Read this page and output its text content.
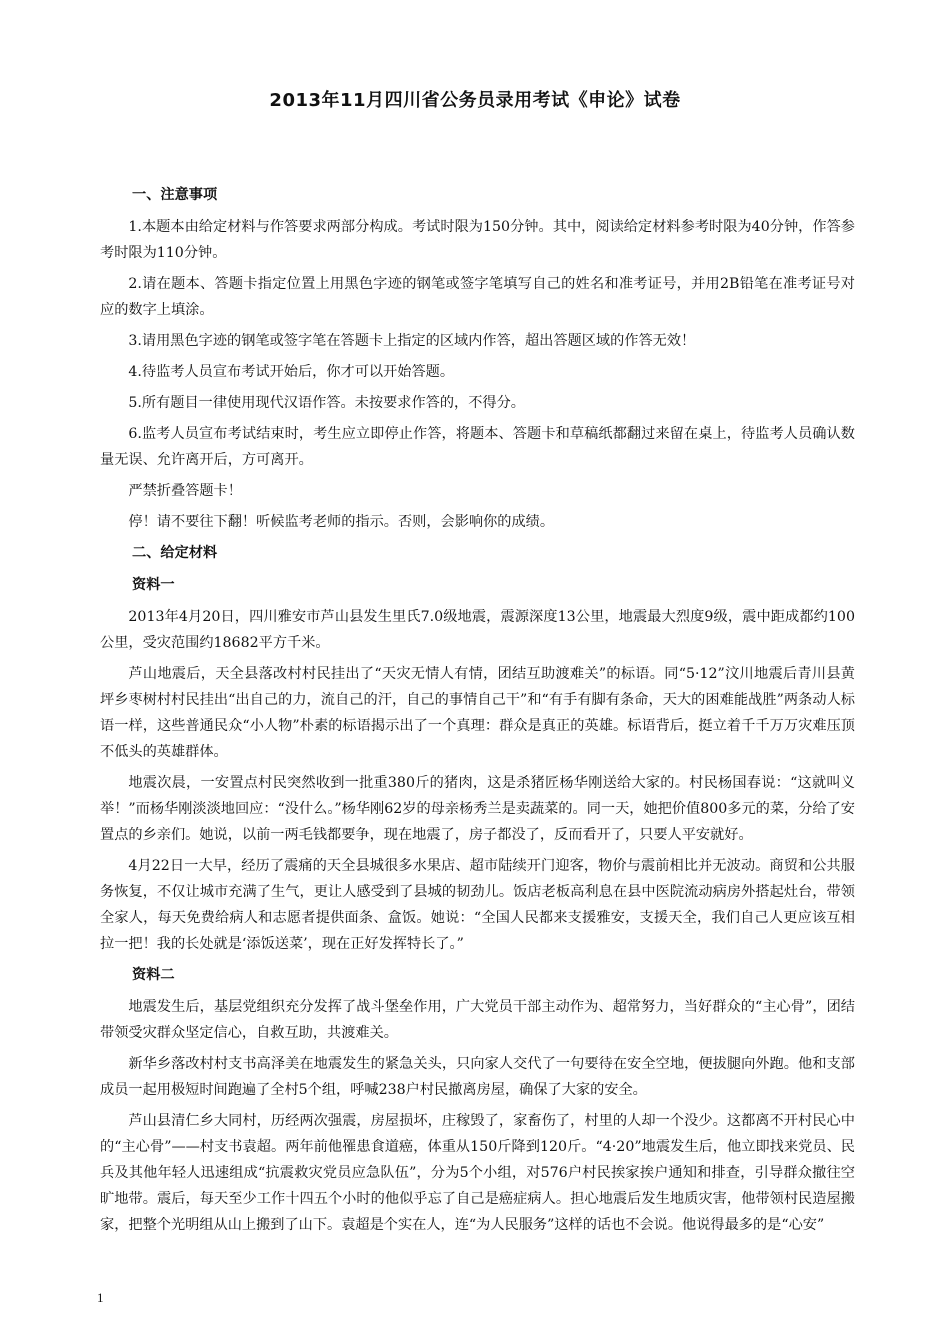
2013年11月四川省公务员录用考试《申论》试卷
一、注意事项

1.本题本由给定材料与作答要求两部分构成。考试时限为150分钟。其中，阅读给定材料参考时限为40分钟，作答参考时限为110分钟。

2.请在题本、答题卡指定位置上用黑色字迹的钢笔或签字笔填写自己的姓名和准考证号，并用2B铅笔在准考证号对应的数字上填涂。

3.请用黑色字迹的钢笔或签字笔在答题卡上指定的区域内作答，超出答题区域的作答无效！

4.待监考人员宣布考试开始后，你才可以开始答题。

5.所有题目一律使用现代汉语作答。未按要求作答的，不得分。

6.监考人员宣布考试结束时，考生应立即停止作答，将题本、答题卡和草稿纸都翻过来留在桌上，待监考人员确认数量无误、允许离开后，方可离开。

严禁折叠答题卡！

停！请不要往下翻！听候监考老师的指示。否则，会影响你的成绩。

二、给定材料
资料一

2013年4月20日，四川雅安市芦山县发生里氏7.0级地震，震源深度13公里，地震最大烈度9级，震中距成都约100公里，受灾范围约18682平方千米。

芦山地震后，天全县落改村村民挂出了“天灾无情人有情，团结互助渡难关”的标语。同“5·12”汶川地震后青川县黄坪乡枣树村村民挂出“出自己的力，流自己的汗，自己的事情自己干”和“有手有脚有条命，天大的困难能战胜”两条动人标语一样，这些普通民众“小人物”朴素的标语揭示出了一个真理：群众是真正的英雄。标语背后，挺立着千千万万灾难压顶不低头的英雄群体。

地震次晨，一安置点村民突然收到一批重380斤的猪肉，这是杀猪匠杨华刚送给大家的。村民杨国春说：“这就叫义举！”而杨华刚淡淡地回应：“没什么。”杨华刚62岁的母亲杨秀兰是卖蔬菜的。同一天，她把价值800多元的菜，分给了安置点的乡亲们。她说，以前一两毛钱都要争，现在地震了，房子都没了，反而看开了，只要人平安就好。

4月22日一大早，经历了震痛的天全县城很多水果店、超市陆续开门迎客，物价与震前相比并无波动。商贸和公共服务恢复，不仅让城市充满了生气，更让人感受到了县城的韧劲儿。饭店老板高利息在县中医院流动病房外搭起灶台，带领全家人，每天免费给病人和志愿者提供面条、盒饭。她说：“全国人民都来支援雅安，支援天全，我们自己人更应该互相拉一把！我的长处就是‘添饭送菜’，现在正好发挥特长了。”

资料二

地震发生后，基层党组织充分发挥了战斗堡垒作用，广大党员干部主动作为、超常努力，当好群众的“主心骨”，团结带领受灾群众坚定信心，自救互助，共渡难关。

新华乡落改村村支书高泽美在地震发生的紧急关头，只向家人交代了一句要待在安全空地，便拔腿向外跑。他和支部成员一起用极短时间跑遍了全村5个组，呼喊238户村民撤离房屋，确保了大家的安全。

芦山县清仁乡大同村，历经两次强震，房屋损坏，庄稼毁了，家畜伤了，村里的人却一个没少。这都离不开村民心中的“主心骨”——村支书袁超。两年前他罹患食道癌，体重从150斤降到120斤。“4·20”地震发生后，他立即找来党员、民兵及其他年轻人迅速组成“抗震救灾党员应急队伍”，分为5个小组，对576户村民挨家挨户通知和排查，引导群众撤往空旷地带。震后，每天至少工作十四五个小时的他似乎忘了自己是癌症病人。担心地震后发生地质灾害，他带领村民造屋搬家，把整个光明组从山上搬到了山下。袁超是个实在人，连“为人民服务”这样的话也不会说。他说得最多的是“心安”

1
